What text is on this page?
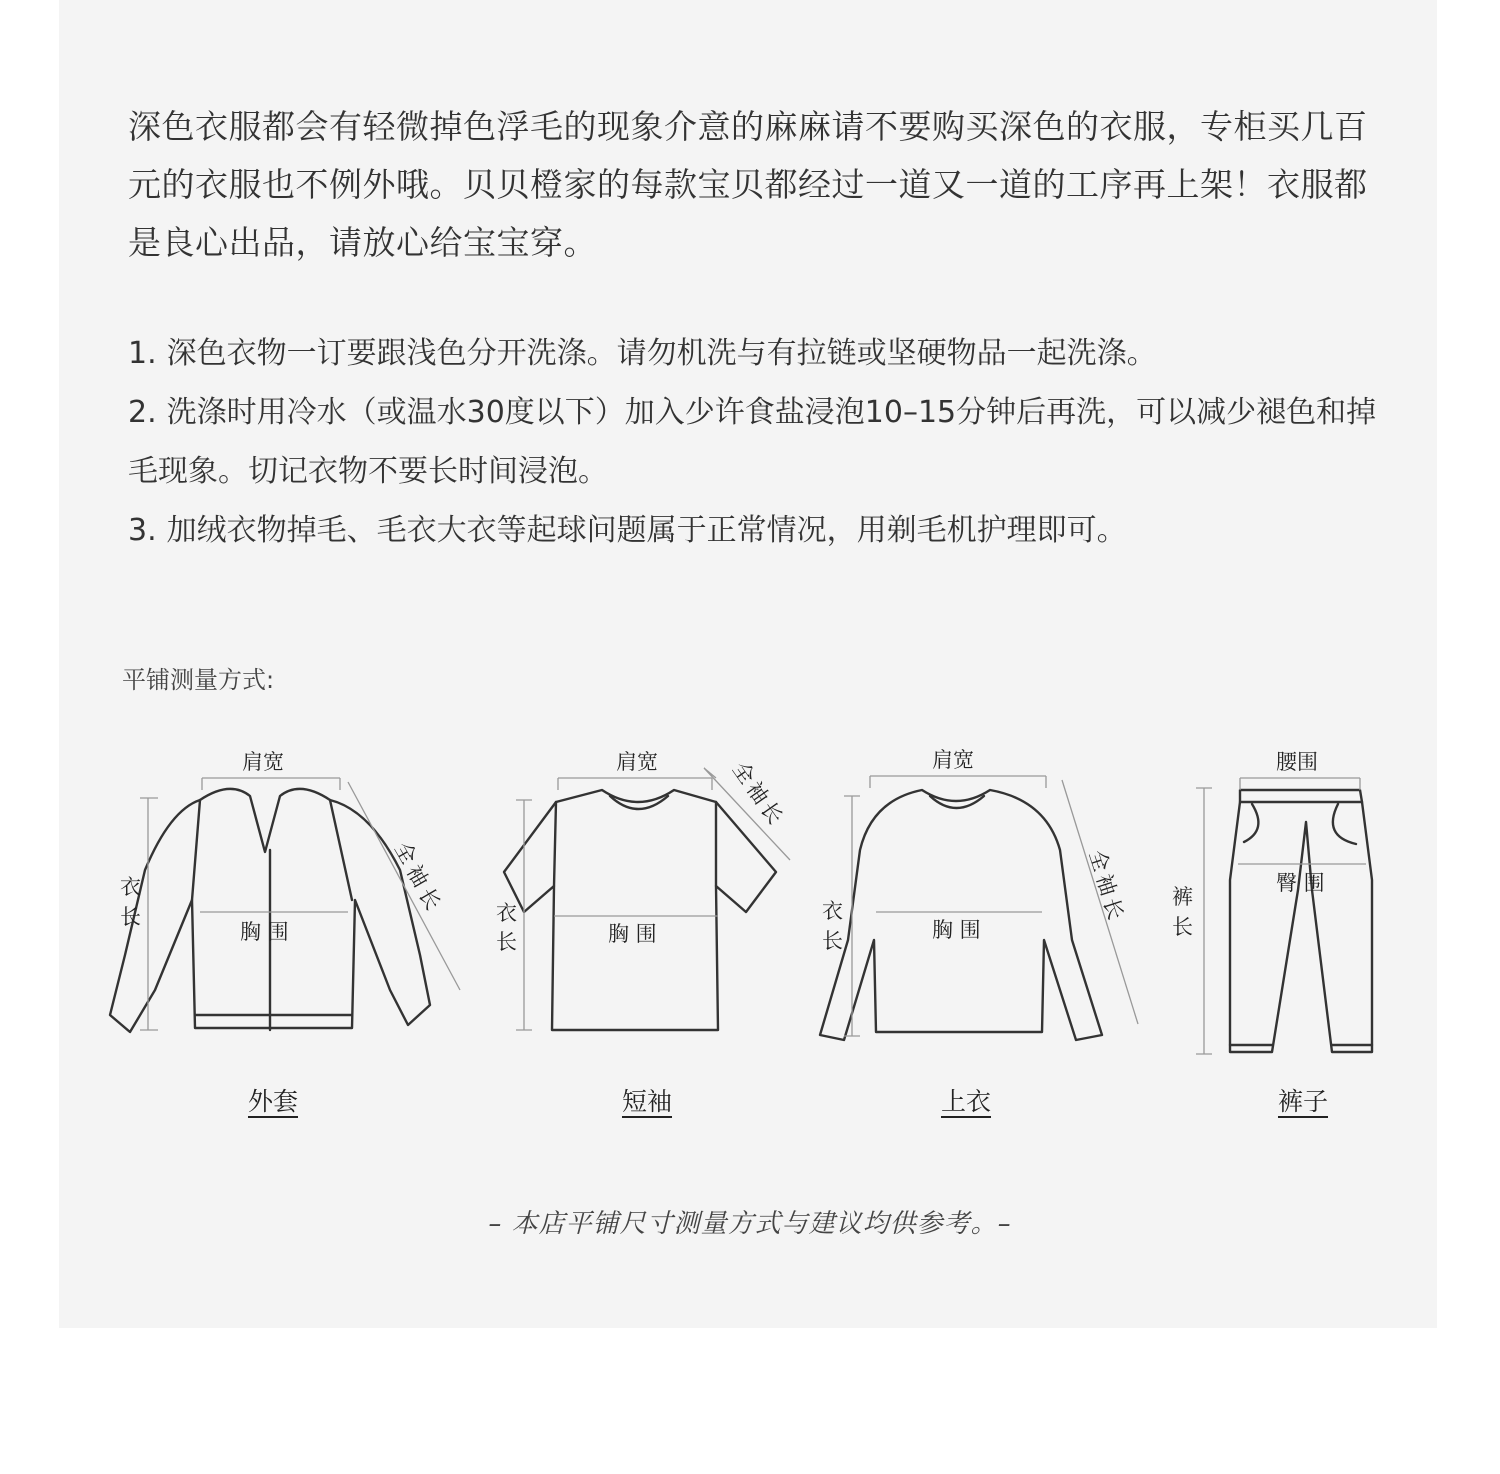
深色衣服都会有轻微掉色浮毛的现象介意的麻麻请不要购买深色的衣服，专柜买几百元的衣服也不例外哦。贝贝橙家的每款宝贝都经过一道又一道的工序再上架！衣服都是良心出品，请放心给宝宝穿。

1. 深色衣物一订要跟浅色分开洗涤。请勿机洗与有拉链或坚硬物品一起洗涤。
2. 洗涤时用冷水（或温水30度以下）加入少许食盐浸泡10–15分钟后再洗，可以减少褪色和掉毛现象。切记衣物不要长时间浸泡。
3. 加绒衣物掉毛、毛衣大衣等起球问题属于正常情况，用剃毛机护理即可。

平铺测量方式:

肩宽
衣
长
胸 围
全
袖
长
外套
肩宽
衣
长	胸 围
全
袖
长
短袖
肩宽
衣
长	胸 围
全
袖
长
上衣
腰围
裤
长
臀 围
裤子
– 本店平铺尺寸测量方式与建议均供参考。–
